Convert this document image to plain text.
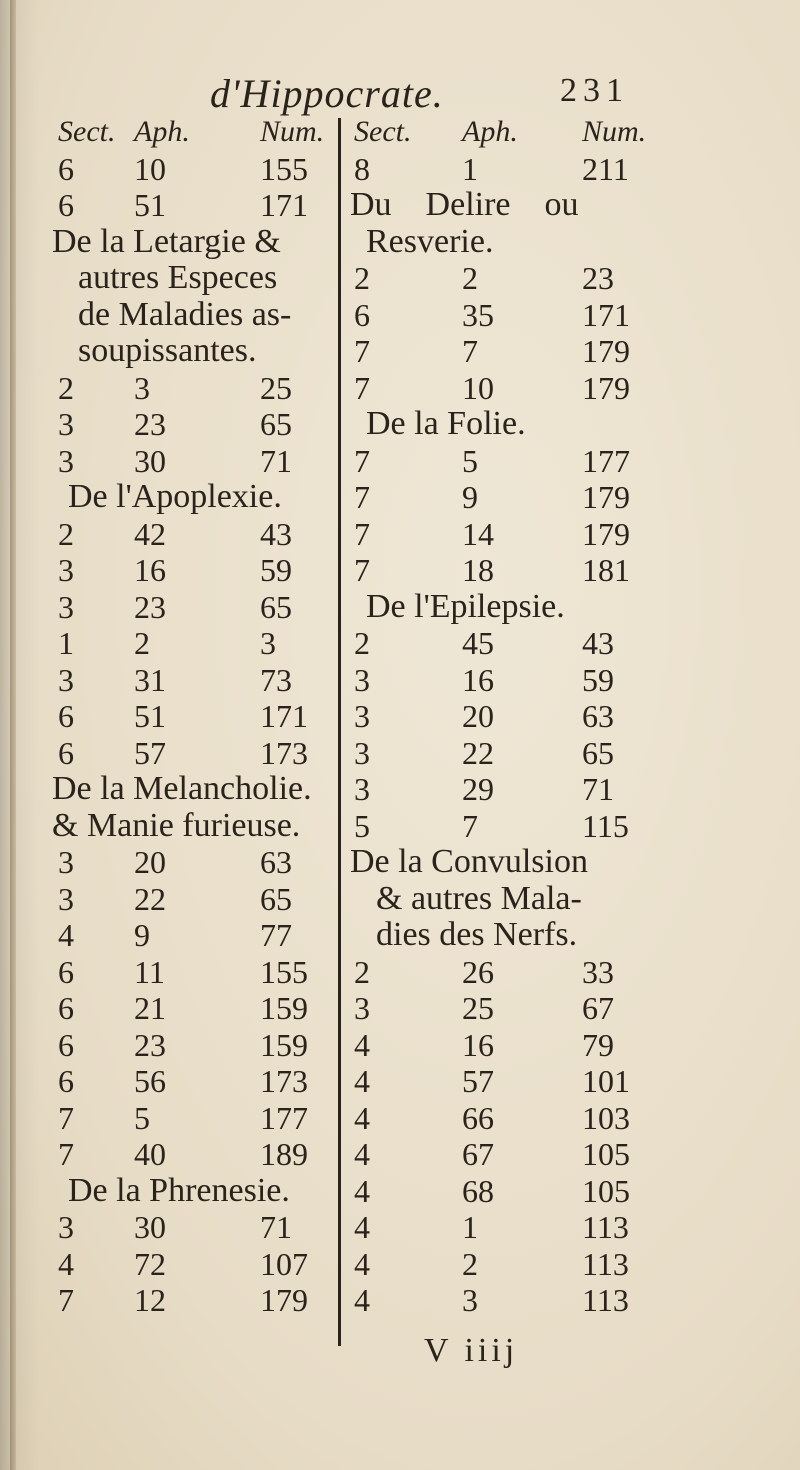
d'Hippocrate.	231
Sect. Aph. Num.
6 10	155
6 51	171
De la Letargie &
autres Especes
de Maladies as-
soupissantes.
2 3	25
3 23	65
3 30	71
De l'Apoplexie.
2 42	43
3 16	59
3 23	65
1 2	3
3 31	73
6 51	171
6 57	173
De la Melancholie.
& Manie furieuse.
3 20	63
3 22	65
4 9	77
6 11	155
6 21	159
6 23	159
6 56	173
7 5	177
7 40	189
De la Phrenesie.
3 30	71
4 72	107
7 12	179
Sect. Aph. Num.
8	1	211
Du    Delire    ou
Resverie.
2	2	23
6	35	171
7	7	179
7	10	179
De la Folie.
7	5	177
7	9	179
7	14	179
7	18	181
De l'Epilepsie.
2	45	43
3	16	59
3	20	63
3	22	65
3	29	71
5	7	115
De la Convulsion
& autres Mala-
dies des Nerfs.
2	26	33
3	25	67
4	16	79
4	57	101
4	66	103
4	67	105
4	68	105
4	1	113
4	2	113
4	3	113
V iiij
